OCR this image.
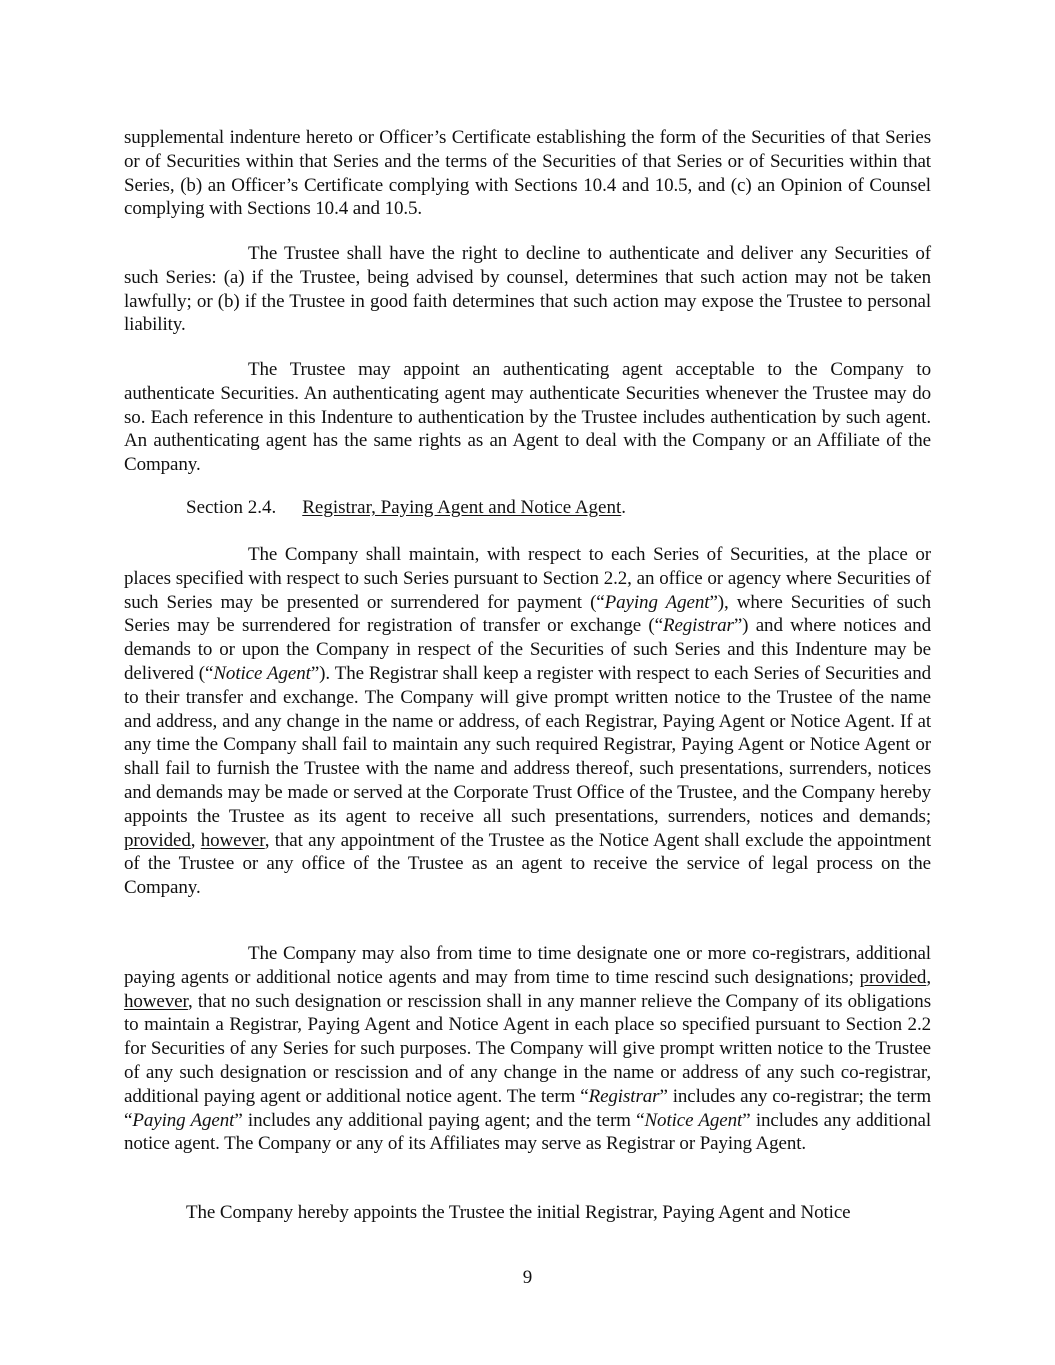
supplemental indenture hereto or Officer’s Certificate establishing the form of the Securities of that Series or of Securities within that Series and the terms of the Securities of that Series or of Securities within that Series, (b) an Officer’s Certificate complying with Sections 10.4 and 10.5, and (c) an Opinion of Counsel complying with Sections 10.4 and 10.5.

The Trustee shall have the right to decline to authenticate and deliver any Securities of such Series: (a) if the Trustee, being advised by counsel, determines that such action may not be taken lawfully; or (b) if the Trustee in good faith determines that such action may expose the Trustee to personal liability.

The Trustee may appoint an authenticating agent acceptable to the Company to authenticate Securities. An authenticating agent may authenticate Securities whenever the Trustee may do so. Each reference in this Indenture to authentication by the Trustee includes authentication by such agent. An authenticating agent has the same rights as an Agent to deal with the Company or an Affiliate of the Company.

Section 2.4. Registrar, Paying Agent and Notice Agent.

The Company shall maintain, with respect to each Series of Securities, at the place or places specified with respect to such Series pursuant to Section 2.2, an office or agency where Securities of such Series may be presented or surrendered for payment (“Paying Agent”), where Securities of such Series may be surrendered for registration of transfer or exchange (“Registrar”) and where notices and demands to or upon the Company in respect of the Securities of such Series and this Indenture may be delivered (“Notice Agent”). The Registrar shall keep a register with respect to each Series of Securities and to their transfer and exchange. The Company will give prompt written notice to the Trustee of the name and address, and any change in the name or address, of each Registrar, Paying Agent or Notice Agent. If at any time the Company shall fail to maintain any such required Registrar, Paying Agent or Notice Agent or shall fail to furnish the Trustee with the name and address thereof, such presentations, surrenders, notices and demands may be made or served at the Corporate Trust Office of the Trustee, and the Company hereby appoints the Trustee as its agent to receive all such presentations, surrenders, notices and demands; provided, however, that any appointment of the Trustee as the Notice Agent shall exclude the appointment of the Trustee or any office of the Trustee as an agent to receive the service of legal process on the Company.

The Company may also from time to time designate one or more co-registrars, additional paying agents or additional notice agents and may from time to time rescind such designations; provided, however, that no such designation or rescission shall in any manner relieve the Company of its obligations to maintain a Registrar, Paying Agent and Notice Agent in each place so specified pursuant to Section 2.2 for Securities of any Series for such purposes. The Company will give prompt written notice to the Trustee of any such designation or rescission and of any change in the name or address of any such co-registrar, additional paying agent or additional notice agent. The term “Registrar” includes any co-registrar; the term “Paying Agent” includes any additional paying agent; and the term “Notice Agent” includes any additional notice agent. The Company or any of its Affiliates may serve as Registrar or Paying Agent.

The Company hereby appoints the Trustee the initial Registrar, Paying Agent and Notice

9
